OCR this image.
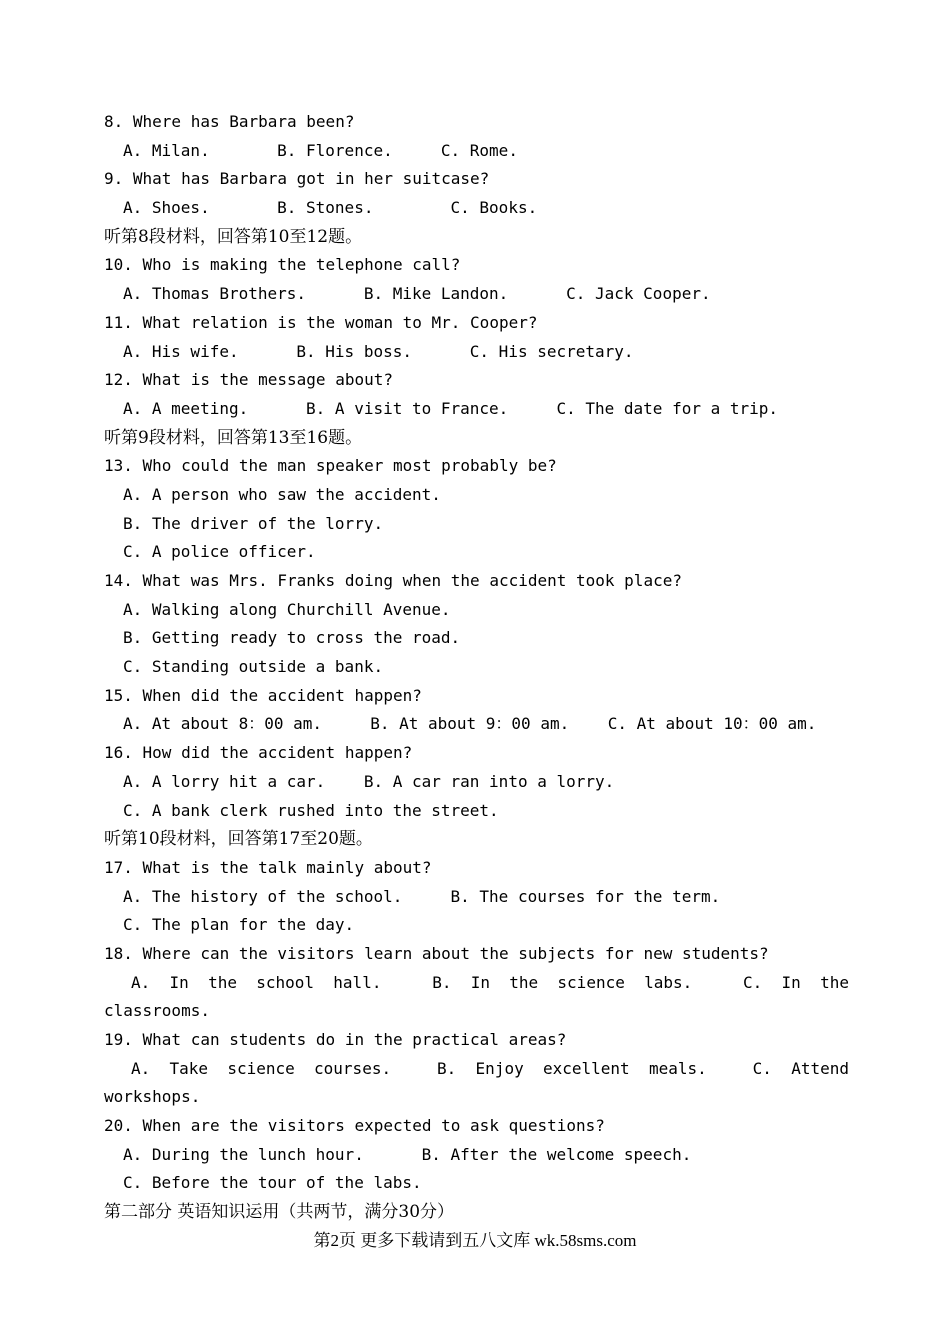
8. Where has Barbara been?
A. Milan.       B. Florence.     C. Rome.
9. What has Barbara got in her suitcase?
A. Shoes.       B. Stones.        C. Books.
听第8段材料，回答第10至12题。
10. Who is making the telephone call?
A. Thomas Brothers.      B. Mike Landon.      C. Jack Cooper.
11. What relation is the woman to Mr. Cooper?
A. His wife.      B. His boss.      C. His secretary.
12. What is the message about?
A. A meeting.      B. A visit to France.     C. The date for a trip.
听第9段材料，回答第13至16题。
13. Who could the man speaker most probably be?
A. A person who saw the accident.
B. The driver of the lorry.
C. A police officer.
14. What was Mrs. Franks doing when the accident took place?
A. Walking along Churchill Avenue.
B. Getting ready to cross the road.
C. Standing outside a bank.
15. When did the accident happen?
A. At about 8：00 am.     B. At about 9：00 am.    C. At about 10：00 am.
16. How did the accident happen?
A. A lorry hit a car.    B. A car ran into a lorry.
C. A bank clerk rushed into the street.
听第10段材料，回答第17至20题。
17. What is the talk mainly about?
A. The history of the school.     B. The courses for the term.
C. The plan for the day.
18. Where can the visitors learn about the subjects for new students?
A.  In  the  school  hall.	B.  In  the  science  labs.	C.  In  the
classrooms.
19. What can students do in the practical areas?
A.  Take  science  courses.	B.  Enjoy  excellent  meals.	C.  Attend
workshops.
20. When are the visitors expected to ask questions?
A. During the lunch hour.      B. After the welcome speech.
C. Before the tour of the labs.
第二部分 英语知识运用（共两节，满分30分）
第2页 更多下载请到五八文库 wk.58sms.com
